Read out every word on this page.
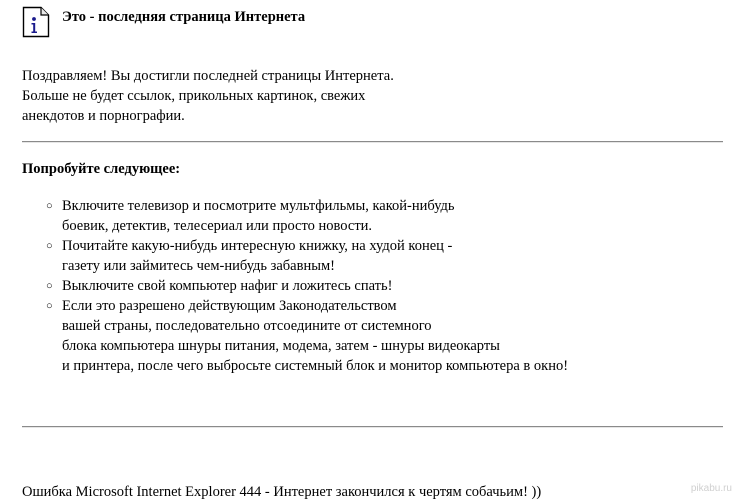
Это - последняя страница Интернета
Поздравляем! Вы достигли последней страницы Интернета.
Больше не будет ссылок, прикольных картинок, свежих
анекдотов и порнографии.
Попробуйте следующее:
○ Включите телевизор и посмотрите мультфильмы, какой-нибудь
боевик, детектив, телесериал или просто новости.
○ Почитайте какую-нибудь интересную книжку, на худой конец -
газету или займитесь чем-нибудь забавным!
○ Выключите свой компьютер нафиг и ложитесь спать!
○ Если это разрешено действующим Законодательством
вашей страны, последовательно отсоедините от системного
блока компьютера шнуры питания, модема, затем - шнуры видеокарты
и принтера, после чего выбросьте системный блок и монитор компьютера в окно!
Ошибка Microsoft Internet Explorer 444 - Интернет закончился к чертям собачьим! ))	pikabu.ru
